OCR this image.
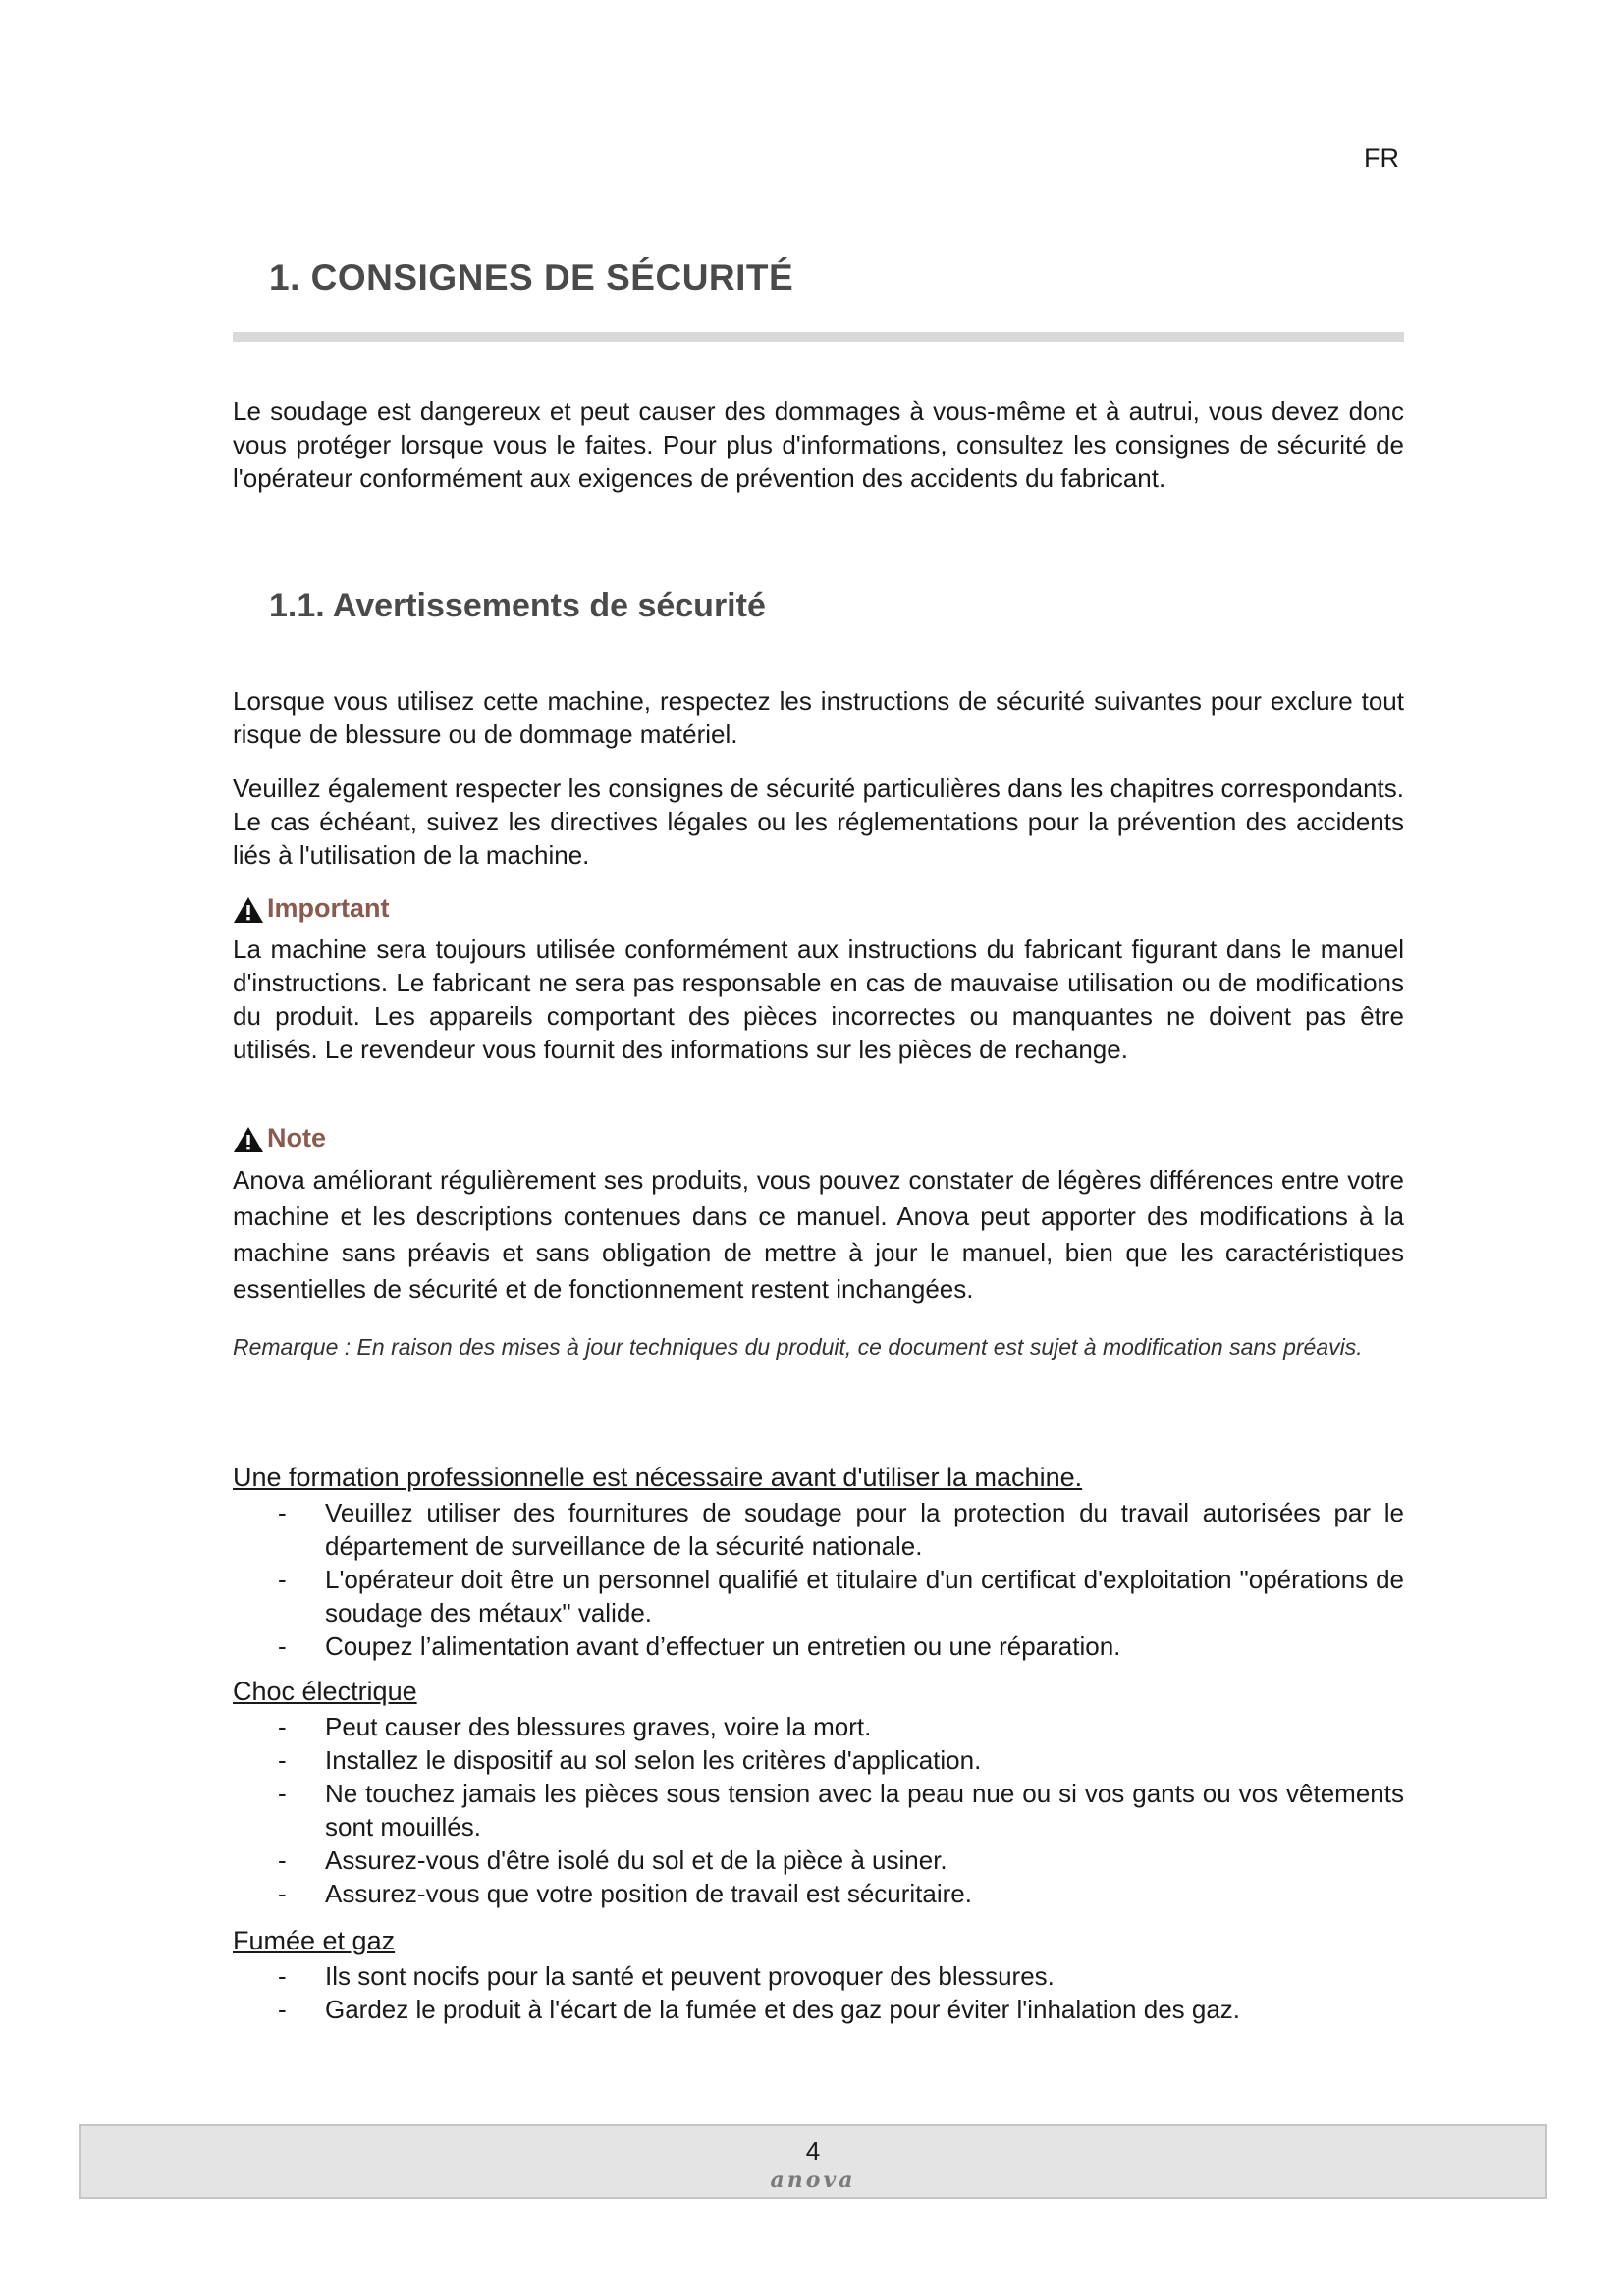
FR
1. CONSIGNES DE SÉCURITÉ
Le soudage est dangereux et peut causer des dommages à vous-même et à autrui, vous devez donc vous protéger lorsque vous le faites. Pour plus d'informations, consultez les consignes de sécurité de l'opérateur conformément aux exigences de prévention des accidents du fabricant.
1.1. Avertissements de sécurité
Lorsque vous utilisez cette machine, respectez les instructions de sécurité suivantes pour exclure tout risque de blessure ou de dommage matériel.
Veuillez également respecter les consignes de sécurité particulières dans les chapitres correspondants. Le cas échéant, suivez les directives légales ou les réglementations pour la prévention des accidents liés à l'utilisation de la machine.
Important
La machine sera toujours utilisée conformément aux instructions du fabricant figurant dans le manuel d'instructions. Le fabricant ne sera pas responsable en cas de mauvaise utilisation ou de modifications du produit. Les appareils comportant des pièces incorrectes ou manquantes ne doivent pas être utilisés. Le revendeur vous fournit des informations sur les pièces de rechange.
Note
Anova améliorant régulièrement ses produits, vous pouvez constater de légères différences entre votre machine et les descriptions contenues dans ce manuel. Anova peut apporter des modifications à la machine sans préavis et sans obligation de mettre à jour le manuel, bien que les caractéristiques essentielles de sécurité et de fonctionnement restent inchangées.
Remarque : En raison des mises à jour techniques du produit, ce document est sujet à modification sans préavis.
Une formation professionnelle est nécessaire avant d'utiliser la machine.
- Veuillez utiliser des fournitures de soudage pour la protection du travail autorisées par le département de surveillance de la sécurité nationale.
- L'opérateur doit être un personnel qualifié et titulaire d'un certificat d'exploitation "opérations de soudage des métaux" valide.
- Coupez l’alimentation avant d’effectuer un entretien ou une réparation.
Choc électrique
- Peut causer des blessures graves, voire la mort.
- Installez le dispositif au sol selon les critères d'application.
- Ne touchez jamais les pièces sous tension avec la peau nue ou si vos gants ou vos vêtements sont mouillés.
- Assurez-vous d'être isolé du sol et de la pièce à usiner.
- Assurez-vous que votre position de travail est sécuritaire.
Fumée et gaz
- Ils sont nocifs pour la santé et peuvent provoquer des blessures.
- Gardez le produit à l'écart de la fumée et des gaz pour éviter l'inhalation des gaz.
4
anova
